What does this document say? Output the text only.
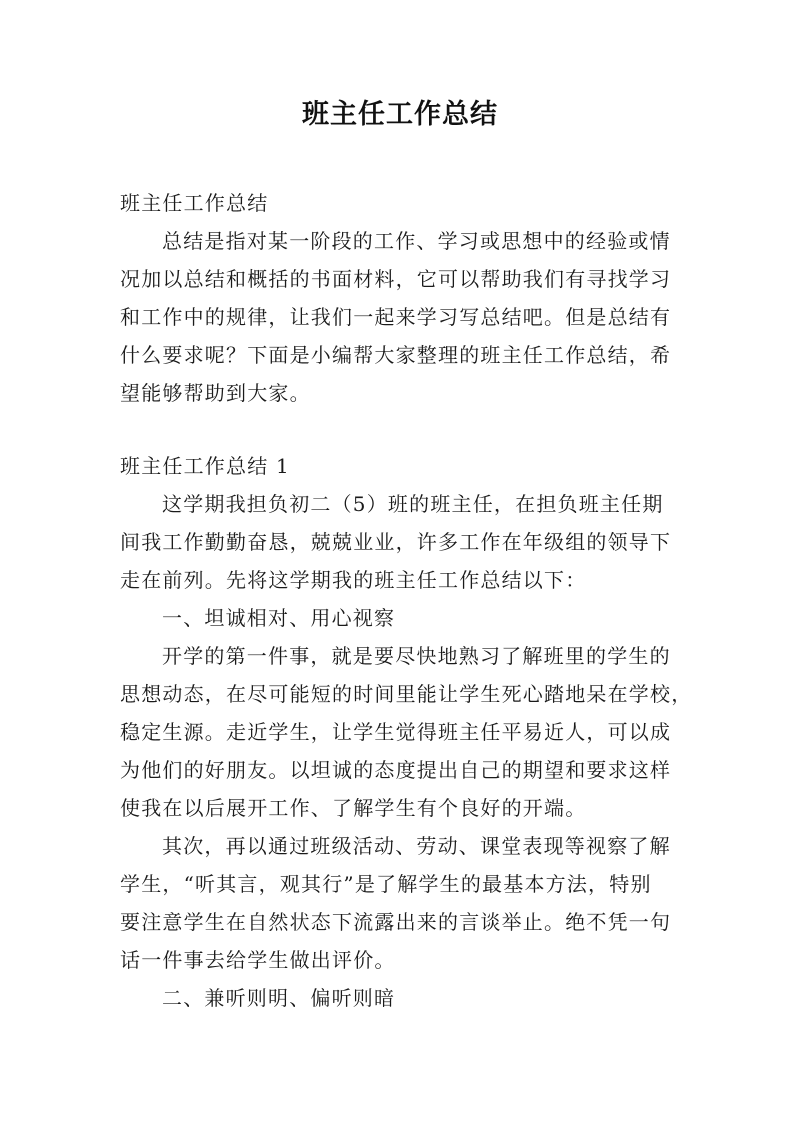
班主任工作总结
班主任工作总结
总结是指对某一阶段的工作、学习或思想中的经验或情
况加以总结和概括的书面材料，它可以帮助我们有寻找学习
和工作中的规律，让我们一起来学习写总结吧。但是总结有
什么要求呢？下面是小编帮大家整理的班主任工作总结，希
望能够帮助到大家。
班主任工作总结 1
这学期我担负初二（5）班的班主任，在担负班主任期
间我工作勤勤奋恳，兢兢业业，许多工作在年级组的领导下
走在前列。先将这学期我的班主任工作总结以下：
一、坦诚相对、用心视察
开学的第一件事，就是要尽快地熟习了解班里的学生的
思想动态，在尽可能短的时间里能让学生死心踏地呆在学校，
稳定生源。走近学生，让学生觉得班主任平易近人，可以成
为他们的好朋友。以坦诚的态度提出自己的期望和要求这样
使我在以后展开工作、了解学生有个良好的开端。
其次，再以通过班级活动、劳动、课堂表现等视察了解
学生，“听其言，观其行”是了解学生的最基本方法，特别
要注意学生在自然状态下流露出来的言谈举止。绝不凭一句
话一件事去给学生做出评价。
二、兼听则明、偏听则暗
